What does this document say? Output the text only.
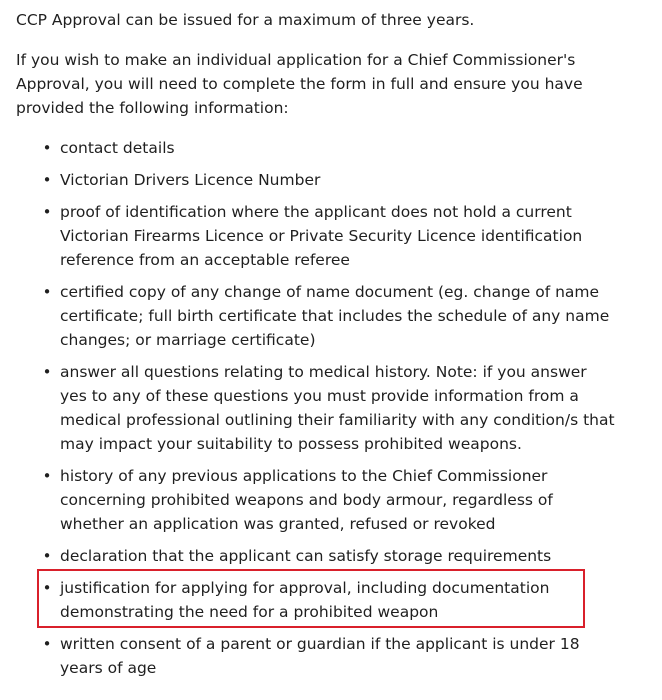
CCP Approval can be issued for a maximum of three years.

If you wish to make an individual application for a Chief Commissioner's Approval, you will need to complete the form in full and ensure you have provided the following information:

• contact details
• Victorian Drivers Licence Number
• proof of identification where the applicant does not hold a current Victorian Firearms Licence or Private Security Licence identification reference from an acceptable referee
• certified copy of any change of name document (eg. change of name certificate; full birth certificate that includes the schedule of any name changes; or marriage certificate)
• answer all questions relating to medical history. Note: if you answer yes to any of these questions you must provide information from a medical professional outlining their familiarity with any condition/s that may impact your suitability to possess prohibited weapons.
• history of any previous applications to the Chief Commissioner concerning prohibited weapons and body armour, regardless of whether an application was granted, refused or revoked
• declaration that the applicant can satisfy storage requirements
• justification for applying for approval, including documentation demonstrating the need for a prohibited weapon
• written consent of a parent or guardian if the applicant is under 18 years of age
